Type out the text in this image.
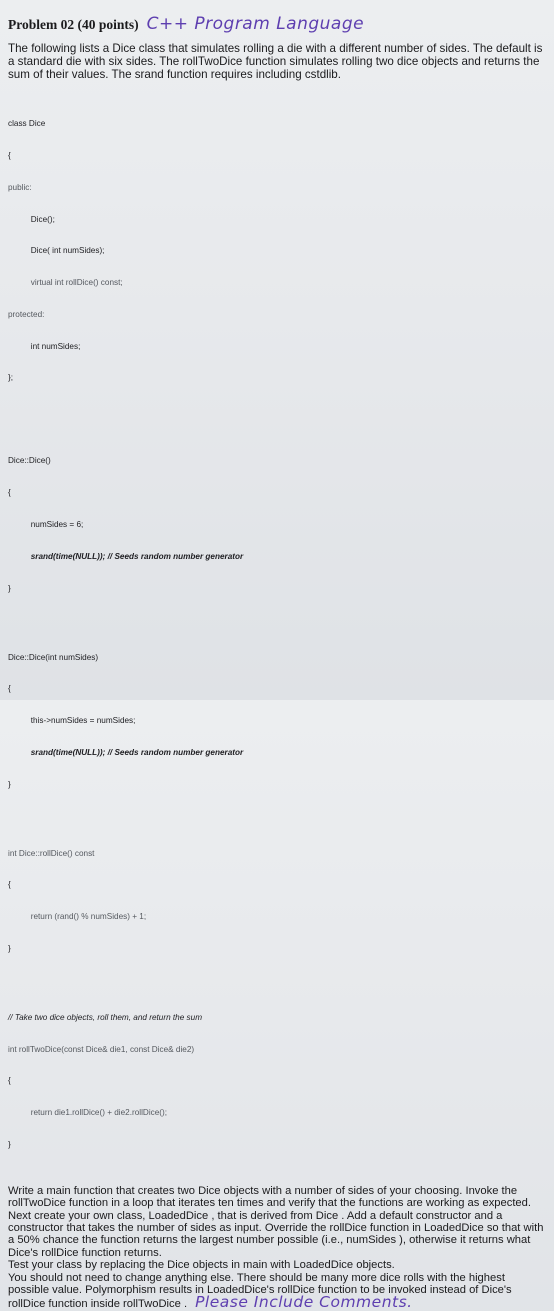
Problem 02 (40 points) C++ Program Language

The following lists a Dice class that simulates rolling a die with a different number of sides. The default is a standard die with six sides. The rollTwoDice function simulates rolling two dice objects and returns the sum of their values. The srand function requires including cstdlib.

class Dice

{

public:

Dice();

Dice( int numSides);

virtual int rollDice() const;

protected:

int numSides;

};

Dice::Dice()

{

numSides = 6;

srand(time(NULL)); // Seeds random number generator

}

Dice::Dice(int numSides)

{

this->numSides = numSides;

srand(time(NULL)); // Seeds random number generator

}

int Dice::rollDice() const

{

return (rand() % numSides) + 1;

}

// Take two dice objects, roll them, and return the sum

int rollTwoDice(const Dice& die1, const Dice& die2)

{

return die1.rollDice() + die2.rollDice();

}

Write a main function that creates two Dice objects with a number of sides of your choosing. Invoke the rollTwoDice function in a loop that iterates ten times and verify that the functions are working as expected.

Next create your own class, LoadedDice , that is derived from Dice . Add a default constructor and a constructor that takes the number of sides as input. Override the rollDice function in LoadedDice so that with a 50% chance the function returns the largest number possible (i.e., numSides ), otherwise it returns what Dice's rollDice function returns.

Test your class by replacing the Dice objects in main with LoadedDice objects.

You should not need to change anything else. There should be many more dice rolls with the highest possible value. Polymorphism results in LoadedDice's rollDice function to be invoked instead of Dice's rollDice function inside rollTwoDice . Please Include Comments.
